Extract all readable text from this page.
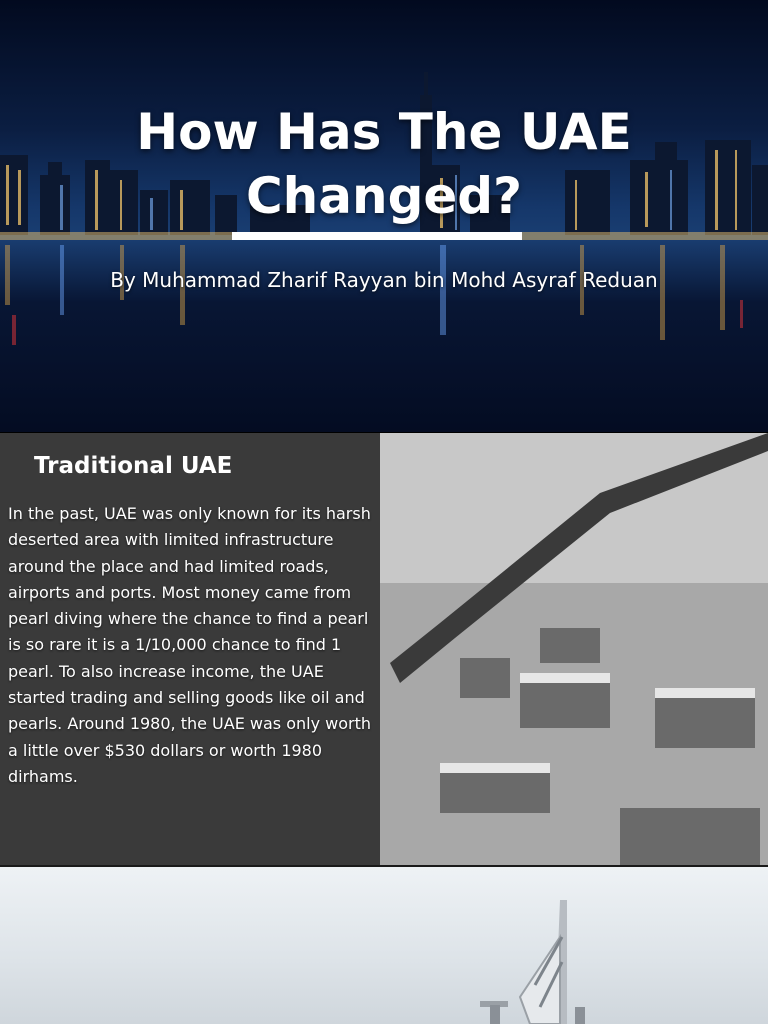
How Has The UAE Changed?
By Muhammad Zharif Rayyan bin Mohd Asyraf Reduan
Traditional UAE

In the past, UAE was only known for its harsh deserted area with limited infrastructure around the place and had limited roads, airports and ports. Most money came from pearl diving where the chance to find a pearl is so rare it is a 1/10,000 chance to find 1 pearl. To also increase income, the UAE started trading and selling goods like oil and pearls. Around 1980, the UAE was only worth a little over $530 dollars or worth 1980 dirhams.
